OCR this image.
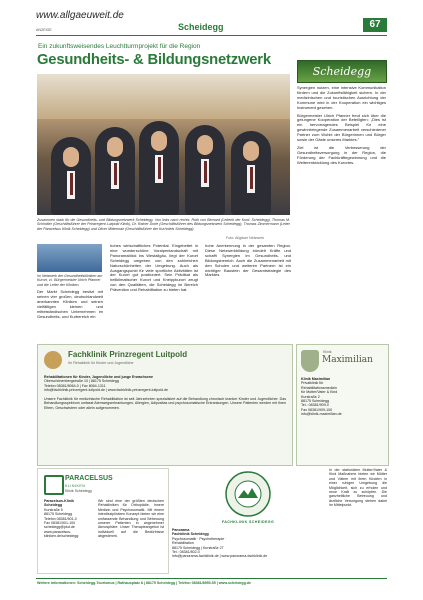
www.allgaeuweit.de
ANZEIGE	Scheidegg	67
Ein zukunftsweisendes Leuchtturmprojekt für die Region
Gesundheits- & Bildungsnetzwerk
Scheidegg
Zusammen stark für die Gesundheits- und Bildungsnetzwerk Scheidegg. Von links nach rechts: Ruth von Bernard (Leiterin der Kurd. Scheidegg), Thomas M. Schindler (Geschäftsführer der Prinzregent Luitpold Klinik), Dr. Rainer Dorle (Geschäftsführer des Bildungsnetzwerk Scheidegg), Thomas Zimmermann (Leiter der Paracelsus Klinik Scheidegg) und Oliver Mittermair (Geschäftsführer der Kurhotels Scheidegg).
Foto: Allgäuer Netzwerk

Synergien nutzen, eine intensive Kommunikation fördern und die Zukunftsfähigkeit sichern. In der medizinischen und touristischen Ausrichtung der Kommune wird in der Kooperation ein wichtiges Instrument gesehen.

Bürgermeister Ulrich Pfanner freut sich über die gelungene Kooperation der Beteiligten: „Dies ist ein hervorragendes Beispiel für eine gewinnbringende Zusammenarbeit verschiedener Partner zum Wohle der Bürgerinnen und Bürger sowie der Gäste unseres Marktes."

Ziel ist die Verbesserung der Gesundheitsversorgung in der Region, die Förderung der Fachkräftegewinnung und die Weiterentwicklung des Kurortes.

Im Netzwerk der Gesundheitskliniken am Kurort, v.l. Bürgermeister Ulrich Pfanner und die Leiter der Kliniken.
Der Markt Scheidegg besitzt mit seinen vier großen, deutschlandweit anerkannten Kliniken und seinen vielfältigen kleinen und mittelständischen Unternehmen im Gesundheits- und Kurbereich ein
hohes wirtschaftliches Potential. Eingebettet in eine wunderschöne Voralpenlandschaft mit Panoramablick ins Westallgäu, liegt der Kurort Scheidegg umgeben von den zahlreichen Naturschönheiten der Umgebung. Auch als Ausgangspunkt für viele sportliche Aktivitäten ist der Kurort gut positioniert. Sein Prädikat als heilklimatischer Kurort und Kneippkurort zeugt von den Qualitäten, die Scheidegg im Bereich Prävention und Rehabilitation zu bieten hat.
hohe Anerkennung in der gesamten Region. Diese Netzwerkbildung bündelt Kräfte und schafft Synergien im Gesundheits- und Bildungsbereich. Auch die Zusammenarbeit mit den Schulen und weiteren Partnern ist ein wichtiger Baustein der Gesamtstrategie des Marktes.
Fachklinik Prinzregent Luitpold
Ihr Rehaklinik für Kinder und Jugendliche
Rehabilitationen für Kinder, Jugendliche und junge Erwachsene
Oberschönenbergstraße 10 | 88175 Scheidegg
Telefon 08381/8064-0 | Fax 8064-1311
info@fachklinik-prinzregent-luitpold.de | www.fachklinik-prinzregent-luitpold.de
Unsere Fachklinik für medizinische Rehabilitation ist seit Jahrzehnten spezialisiert auf die Behandlung chronisch kranker Kinder und Jugendlicher. Das Behandlungsspektrum umfasst Atemwegserkrankungen, Allergien, Adipositas und psychosomatische Erkrankungen. Unsere Patienten werden mit ihren Eltern, Geschwistern oder allein aufgenommen.
Klinik
Maximilian
Klinik Maximilian
Privatklinik für
Rehabilitationsmedizin
für Mutter/Vater & Kind
Kurstraße 2
88175 Scheidegg
Tel.: 08381/909-0
Fax 08381/909-100
info@klinik-maximilian.de
In der stationären Mutter/Vater & Kind Maßnahme bieten wir Mütter und Vätern mit ihren Kindern in einer ruhigen Umgebung die Möglichkeit, sich zu erholen und neue Kraft zu schöpfen. Die ganzheitliche Betreuung und ärztliche Versorgung stehen dabei im Mittelpunkt.
PARACELSUS
KLINIKEN
Klinik Scheidegg
Paracelsus-Klinik Scheidegg
Kurstraße 5
88175 Scheidegg
Telefon 08381/501-0
Fax 08381/501-100
scheidegg@pkd.de
www.paracelsus-kliniken.de/scheidegg
Wir sind eine der größten deutschen Rehakliniken für Orthopädie, Innere Medizin und Psychosomatik. Mit einem interdisziplinären Konzept bieten wir eine umfassende Behandlung und Betreuung unserer Patienten in angenehmer Atmosphäre. Unser Therapieangebot ist individuell auf die Bedürfnisse abgestimmt.
FACHKLINIK SCHEIDEGG
Panorama
Fachklinik Scheidegg
Psychosomatik · Psychotherapie ·
Rehabilitation
88175 Scheidegg | Kurstraße 27
Tel.: 08381/802-0
info@panorama-fachklinik.de | www.panorama-fachklinik.de
Weitere Informationen: Scheidegg-Tourismus | Rathausplatz 8 | 88175 Scheidegg | Telefon 08381/8955-55 | www.scheidegg.de
